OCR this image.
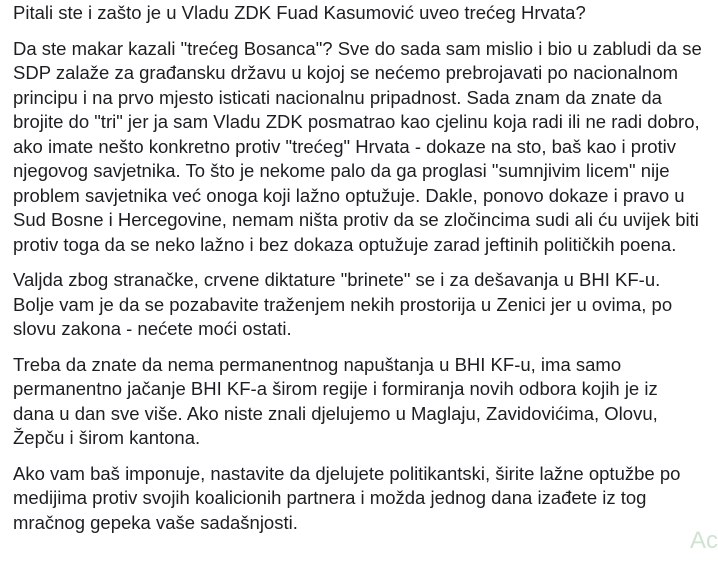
Pitali ste i zašto je u Vladu ZDK Fuad Kasumović uveo trećeg Hrvata?

Da ste makar kazali "trećeg Bosanca"? Sve do sada sam mislio i bio u zabludi da se SDP zalaže za građansku državu u kojoj se nećemo prebrojavati po nacionalnom principu i na prvo mjesto isticati nacionalnu pripadnost. Sada znam da znate da brojite do "tri" jer ja sam Vladu ZDK posmatrao kao cjelinu koja radi ili ne radi dobro, ako imate nešto konkretno protiv "trećeg" Hrvata - dokaze na sto, baš kao i protiv njegovog savjetnika. To što je nekome palo da ga proglasi "sumnjivim licem" nije problem savjetnika već onoga koji lažno optužuje. Dakle, ponovo dokaze i pravo u Sud Bosne i Hercegovine, nemam ništa protiv da se zločincima sudi ali ću uvijek biti protiv toga da se neko lažno i bez dokaza optužuje zarad jeftinih političkih poena.

Valjda zbog stranačke, crvene diktature "brinete" se i za dešavanja u BHI KF-u. Bolje vam je da se pozabavite traženjem nekih prostorija u Zenici jer u ovima, po slovu zakona - nećete moći ostati.

Treba da znate da nema permanentnog napuštanja u BHI KF-u, ima samo permanentno jačanje BHI KF-a širom regije i formiranja novih odbora kojih je iz dana u dan sve više. Ako niste znali djelujemo u Maglaju, Zavidovićima, Olovu, Žepču i širom kantona.

Ako vam baš imponuje, nastavite da djelujete politikantski, širite lažne optužbe po medijima protiv svojih koalicionih partnera i možda jednog dana izađete iz tog mračnog gepeka vaše sadašnjosti.

Ac
